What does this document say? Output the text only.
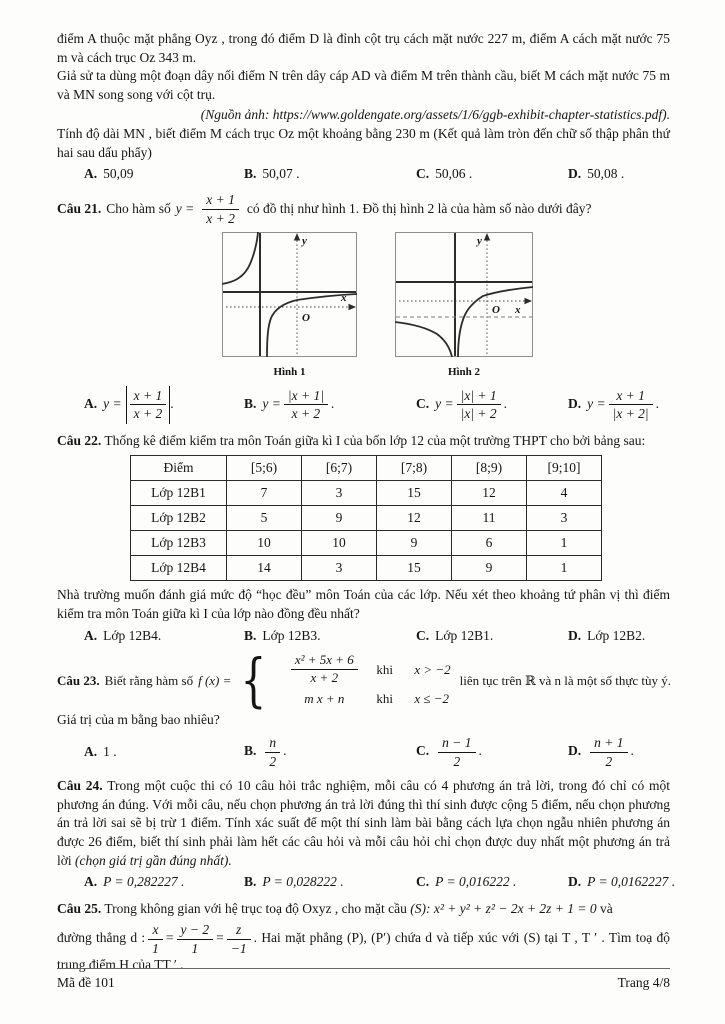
điểm A thuộc mặt phẳng Oyz , trong đó điểm D là đỉnh cột trụ cách mặt nước 227 m, điểm A cách mặt nước 75 m và cách trục Oz 343 m.

Giả sử ta dùng một đoạn dây nối điểm N trên dây cáp AD và điểm M trên thành cầu, biết M cách mặt nước 75 m và MN song song với cột trụ.

(Nguồn ảnh: https://www.goldengate.org/assets/1/6/ggb-exhibit-chapter-statistics.pdf).

Tính độ dài MN , biết điểm M cách trục Oz một khoảng bằng 230 m (Kết quả làm tròn đến chữ số thập phân thứ hai sau dấu phẩy)

A. 50,09	B. 50,07 .	C. 50,06 .	D. 50,08 .
Câu 21. Cho hàm số $y = \frac{x + 1}{x + 2}$ có đồ thị như hình 1. Đồ thị hình 2 là của hàm số nào dưới đây?
y
x
O
Hình 1
y
x
O
Hình 2
A. $y = \frac{x + 1}{x + 2}$ .	B. $y = \frac{|x + 1|}{x + 2}$ .	C. $y = \frac{|x| + 1}{|x| + 2}$ .	D. $y = \frac{x + 1}{|x + 2|}$ .

Câu 22. Thống kê điểm kiểm tra môn Toán giữa kì I của bốn lớp 12 của một trường THPT cho bởi bảng sau:

Điểm	[5;6)	[6;7)	[7;8)	[8;9)	[9;10]
Lớp 12B1	7	3	15	12	4
Lớp 12B2	5	9	12	11	3
Lớp 12B3	10	10	9	6	1
Lớp 12B4	14	3	15	9	1

Nhà trường muốn đánh giá mức độ “học đều” môn Toán của các lớp. Nếu xét theo khoảng tứ phân vị thì điểm kiểm tra môn Toán giữa kì I của lớp nào đồng đều nhất?

A. Lớp 12B4.	B. Lớp 12B3.	C. Lớp 12B1.	D. Lớp 12B2.
Câu 23. Biết rằng hàm số f (x) = { $\frac{\text{x² + 5x + 6}}{x + 2}$ khi	x > −2
m x + n	khi	x ≤ −2
liên tục trên ℝ và n là một số thực tùy ý.

Giá trị của m bằng bao nhiêu?

A. 1 .	B. $\frac{n}{2}$ .	C. $\frac{n - 1}{2}$ .	D. $\frac{n + 1}{2}$ .

Câu 24. Trong một cuộc thi có 10 câu hỏi trắc nghiệm, mỗi câu có 4 phương án trả lời, trong đó chỉ có một phương án đúng. Với mỗi câu, nếu chọn phương án trả lời đúng thì thí sinh được cộng 5 điểm, nếu chọn phương án trả lời sai sẽ bị trừ 1 điểm. Tính xác suất để một thí sinh làm bài bằng cách lựa chọn ngẫu nhiên phương án được 26 điểm, biết thí sinh phải làm hết các câu hỏi và mỗi câu hỏi chỉ chọn được duy nhất một phương án trả lời (chọn giá trị gần đúng nhất).

A. P = 0,282227 .	B. P = 0,028222 .	C. P = 0,016222 .	D. P = 0,0162227 .

Câu 25. Trong không gian với hệ trục toạ độ Oxyz , cho mặt cầu (S): x² + y² + z² − 2x + 2z + 1 = 0 và

đường thẳng d : $\frac{x}{1} = \frac{y - 2}{1} = \frac{z}{-1}$ . Hai mặt phẳng (P), (P′) chứa d và tiếp xúc với (S) tại T , T ′ . Tìm toạ độ trung điểm H của TT ′ .

Mã đề 101	Trang 4/8
